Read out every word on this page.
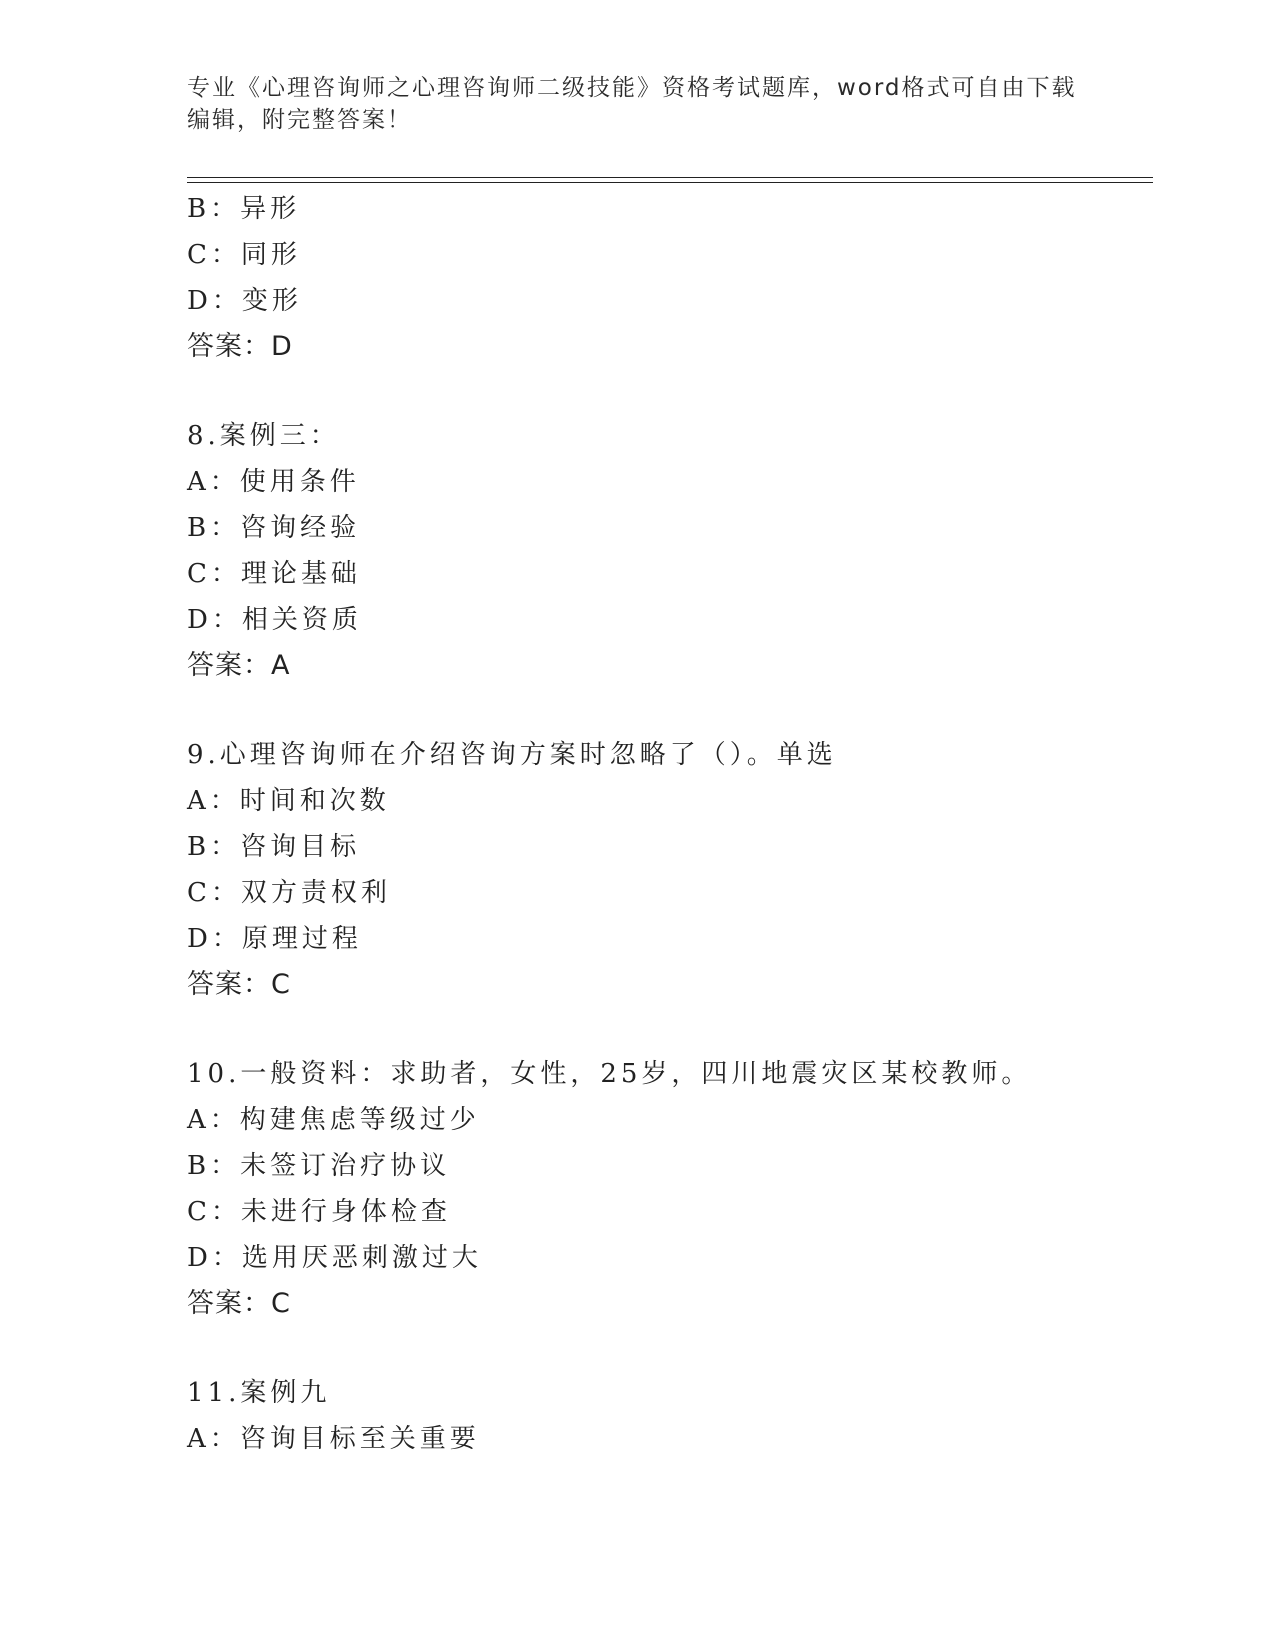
专业《心理咨询师之心理咨询师二级技能》资格考试题库，word格式可自由下载
编辑，附完整答案！
B：异形
C：同形
D：变形
答案：D
8.案例三：
A：使用条件
B：咨询经验
C：理论基础
D：相关资质
答案：A
9.心理咨询师在介绍咨询方案时忽略了（）。单选
A：时间和次数
B：咨询目标
C：双方责权利
D：原理过程
答案：C
10.一般资料：求助者，女性，25岁，四川地震灾区某校教师。
A：构建焦虑等级过少
B：未签订治疗协议
C：未进行身体检查
D：选用厌恶刺激过大
答案：C
11.案例九
A：咨询目标至关重要
